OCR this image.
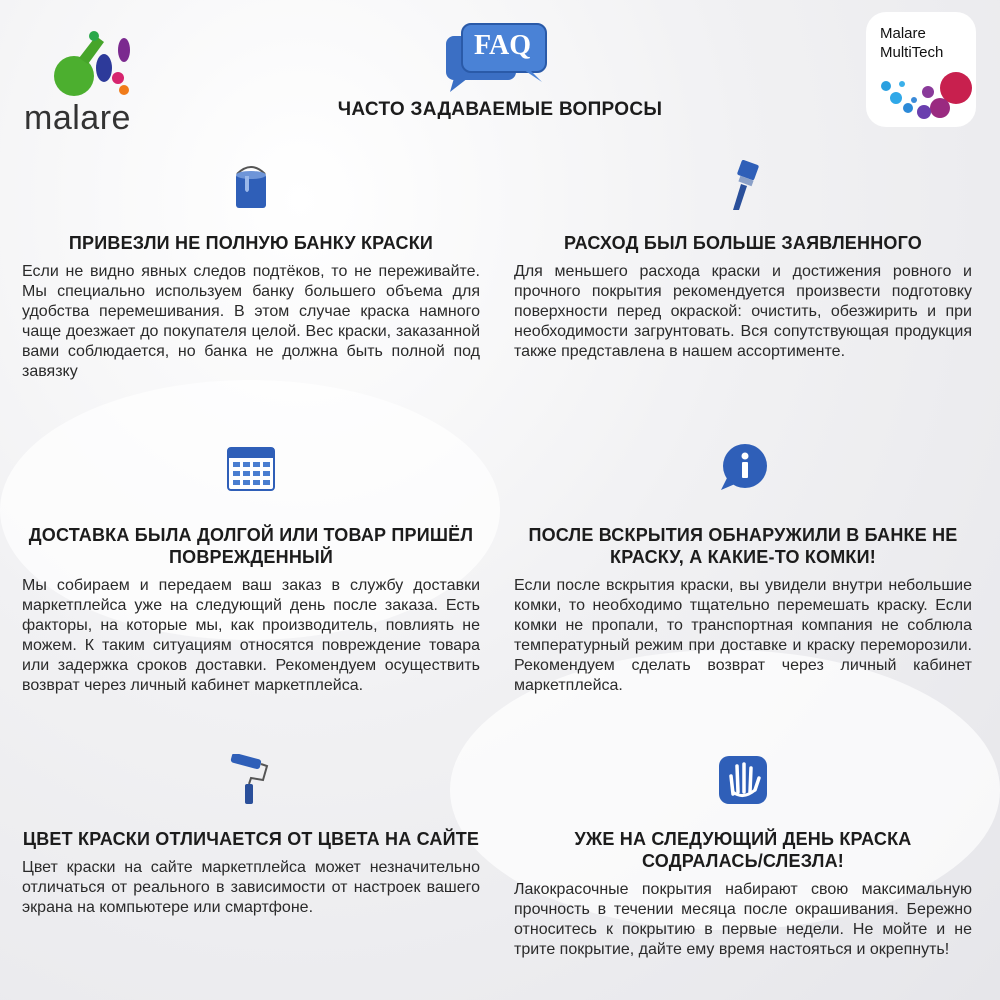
malare
FAQ
ЧАСТО ЗАДАВАЕМЫЕ ВОПРОСЫ
Malare
MultiTech
ПРИВЕЗЛИ НЕ ПОЛНУЮ БАНКУ КРАСКИ

Если не видно явных следов подтёков, то не переживайте. Мы специально используем банку большего объема для удобства перемешивания. В этом случае краска намного чаще доезжает до покупателя целой. Вес краски, заказанной вами соблюдается, но банка не должна быть полной под завязку

РАСХОД БЫЛ БОЛЬШЕ ЗАЯВЛЕННОГО

Для меньшего расхода краски и достижения ровного и прочного покрытия рекомендуется произвести подготовку поверхности перед окраской: очистить, обезжирить и при необходимости загрунтовать. Вся сопутствующая продукция также представлена в нашем ассортименте.

ДОСТАВКА БЫЛА ДОЛГОЙ ИЛИ ТОВАР ПРИШЁЛ ПОВРЕЖДЕННЫЙ

Мы собираем и передаем ваш заказ в службу доставки маркетплейса уже на следующий день после заказа. Есть факторы, на которые мы, как производитель, повлиять не можем. К таким ситуациям относятся повреждение товара или задержка сроков доставки. Рекомендуем осуществить возврат через личный кабинет маркетплейса.

ПОСЛЕ ВСКРЫТИЯ ОБНАРУЖИЛИ В БАНКЕ НЕ КРАСКУ, А КАКИЕ-ТО КОМКИ!

Если после вскрытия краски, вы увидели внутри небольшие комки, то необходимо тщательно перемешать краску. Если комки не пропали, то транспортная компания не соблюла температурный режим при доставке и краску переморозили. Рекомендуем сделать возврат через личный кабинет маркетплейса.

ЦВЕТ КРАСКИ ОТЛИЧАЕТСЯ ОТ ЦВЕТА НА САЙТЕ

Цвет краски на сайте маркетплейса может незначительно отличаться от реального в зависимости от настроек вашего экрана на компьютере или смартфоне.

УЖЕ НА СЛЕДУЮЩИЙ ДЕНЬ КРАСКА СОДРАЛАСЬ/СЛЕЗЛА!

Лакокрасочные покрытия набирают свою максимальную прочность в течении месяца после окрашивания. Бережно относитесь к покрытию в первые недели. Не мойте и не трите покрытие, дайте ему время настояться и окрепнуть!
